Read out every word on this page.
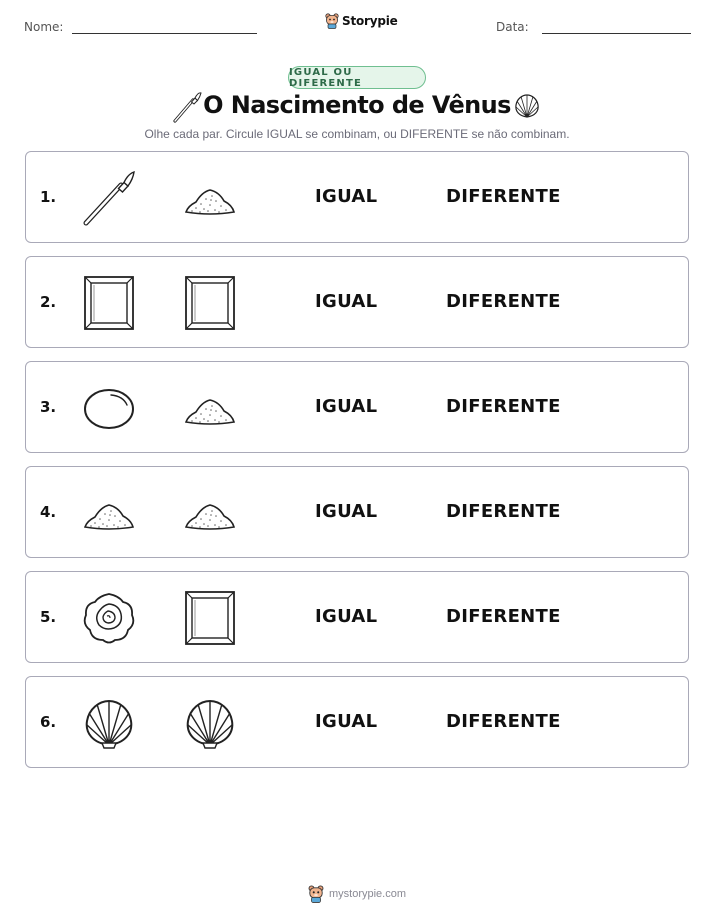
Nome:	Storypie	Data:
IGUAL OU DIFERENTE
O Nascimento de Vênus
Olhe cada par. Circule IGUAL se combinam, ou DIFERENTE se não combinam.
1.	IGUAL	DIFERENTE
2.	IGUAL	DIFERENTE
3.	IGUAL	DIFERENTE
4.	IGUAL	DIFERENTE
5.	IGUAL	DIFERENTE
6.	IGUAL	DIFERENTE
mystorypie.com
